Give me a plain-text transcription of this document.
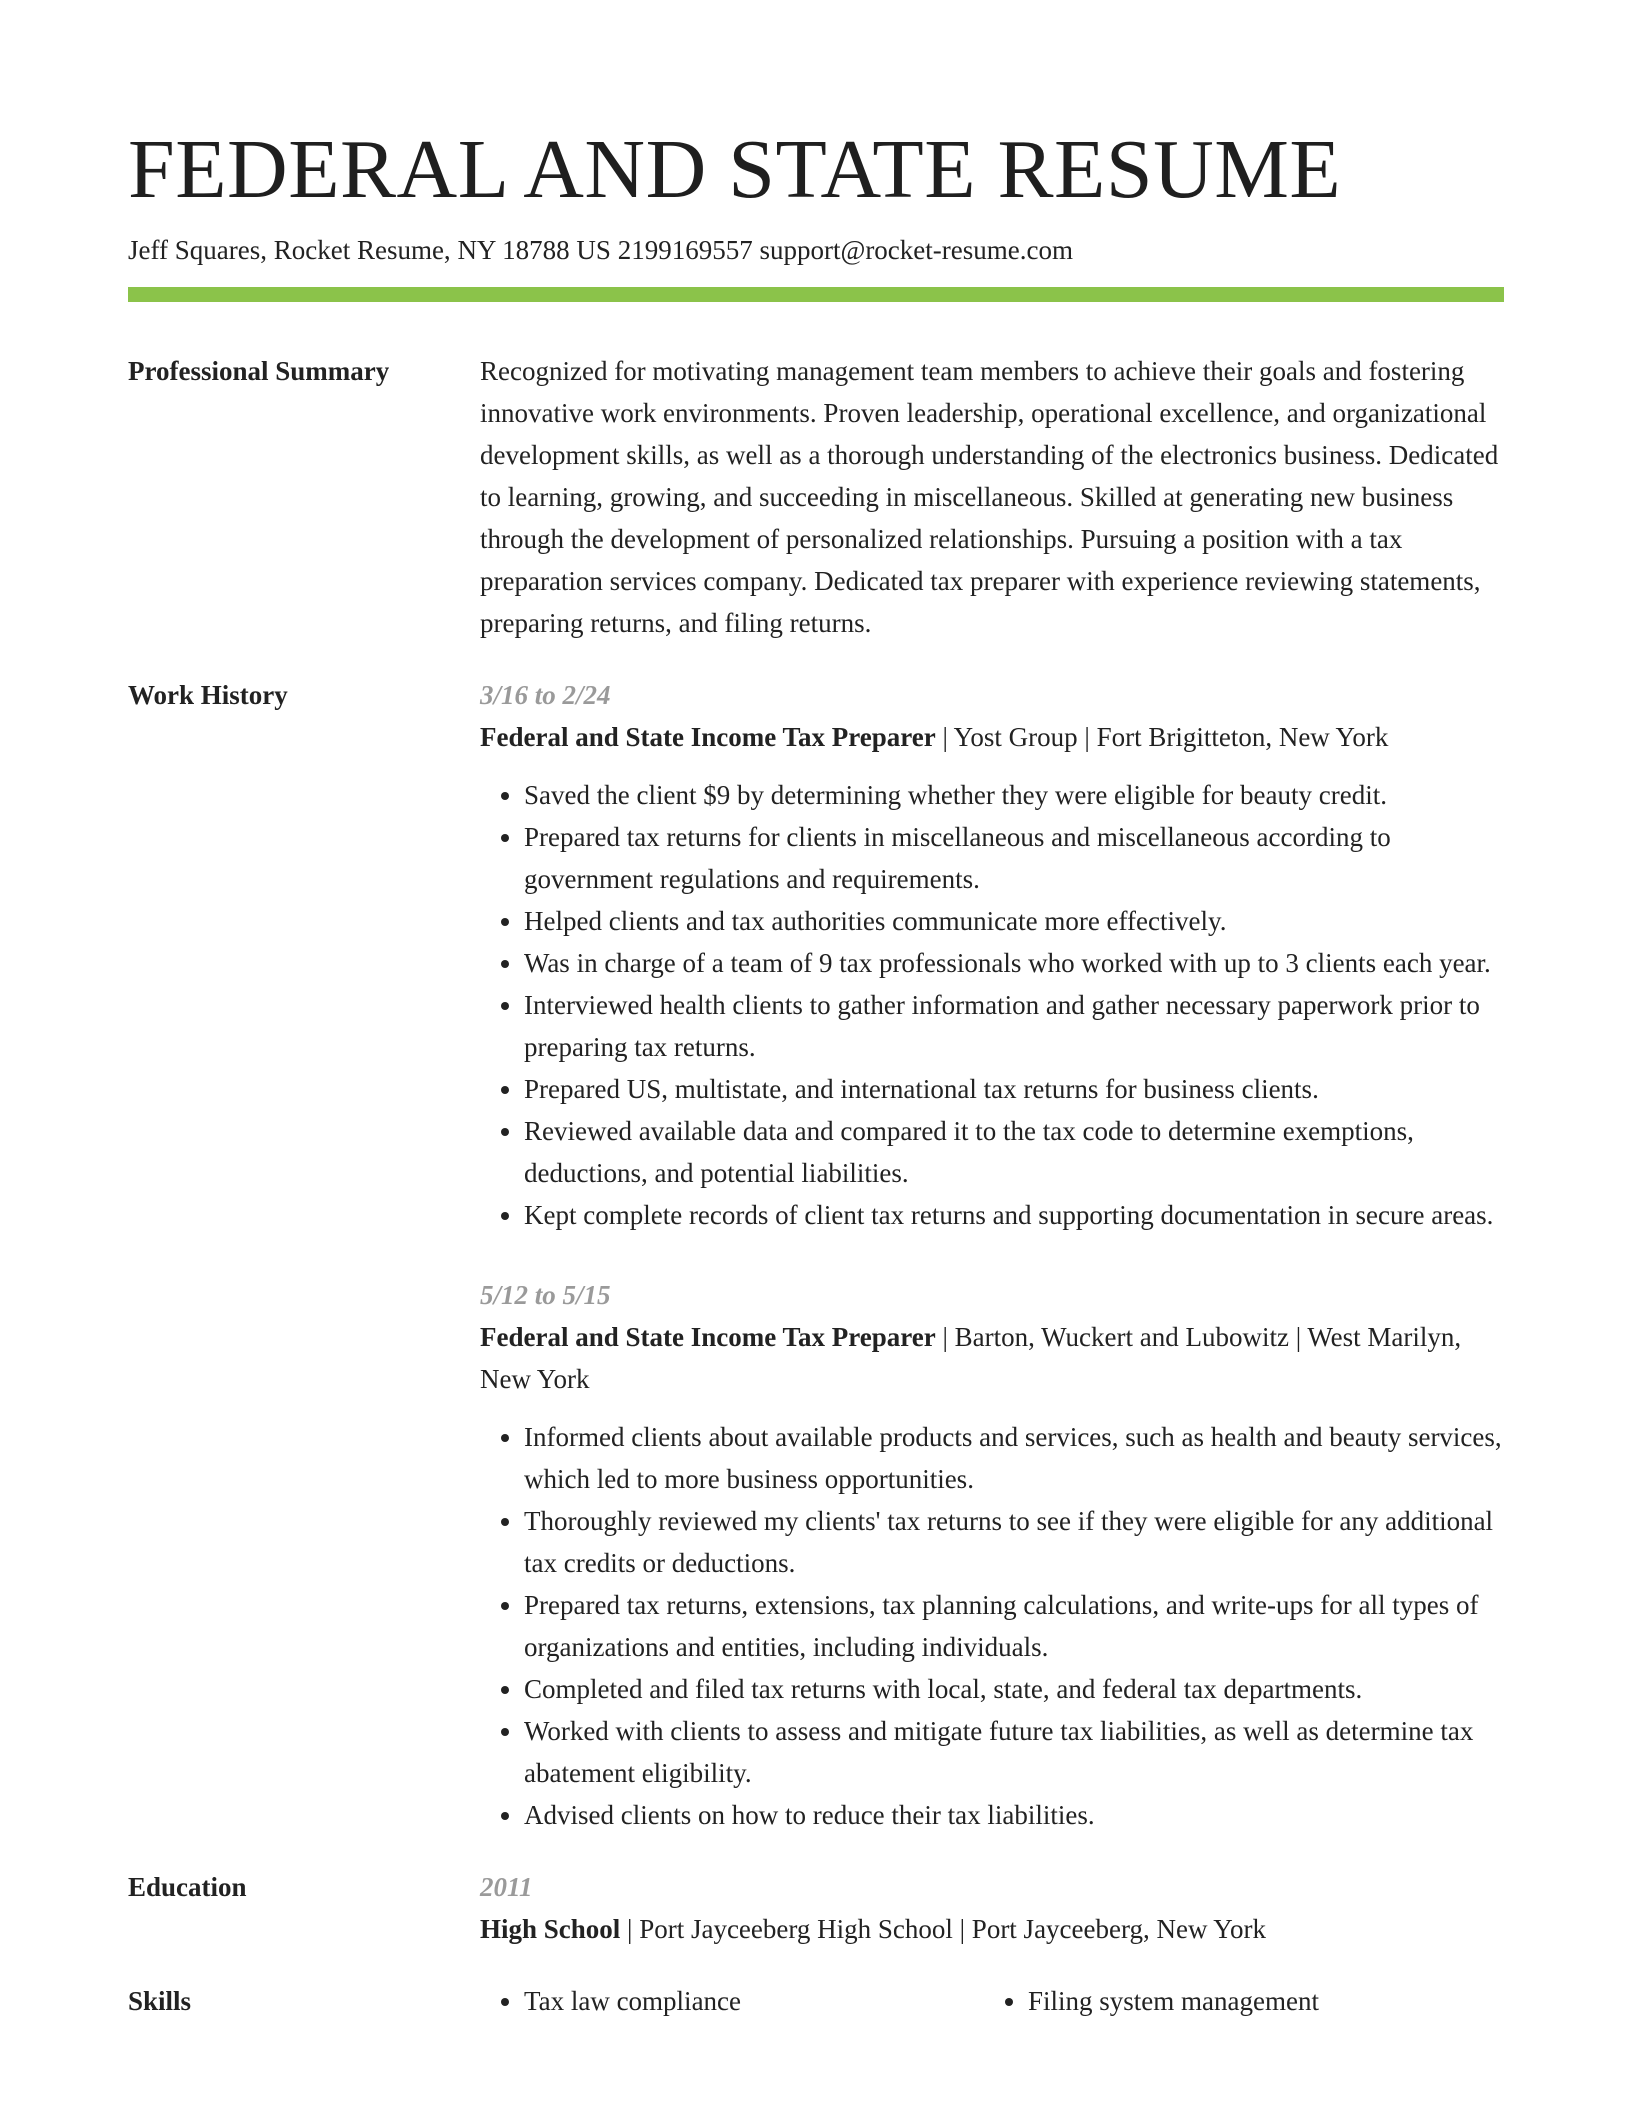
FEDERAL AND STATE RESUME
Jeff Squares, Rocket Resume, NY 18788 US 2199169557 support@rocket-resume.com
Professional Summary	Recognized for motivating management team members to achieve their goals and fostering innovative work environments. Proven leadership, operational excellence, and organizational development skills, as well as a thorough understanding of the electronics business. Dedicated to learning, growing, and succeeding in miscellaneous. Skilled at generating new business through the development of personalized relationships. Pursuing a position with a tax preparation services company. Dedicated tax preparer with experience reviewing statements, preparing returns, and filing returns.
Work History	3/16 to 2/24
Federal and State Income Tax Preparer | Yost Group | Fort Brigitteton, New York
• Saved the client $9 by determining whether they were eligible for beauty credit.
• Prepared tax returns for clients in miscellaneous and miscellaneous according to government regulations and requirements.
• Helped clients and tax authorities communicate more effectively.
• Was in charge of a team of 9 tax professionals who worked with up to 3 clients each year.
• Interviewed health clients to gather information and gather necessary paperwork prior to preparing tax returns.
• Prepared US, multistate, and international tax returns for business clients.
• Reviewed available data and compared it to the tax code to determine exemptions, deductions, and potential liabilities.
• Kept complete records of client tax returns and supporting documentation in secure areas.
5/12 to 5/15
Federal and State Income Tax Preparer | Barton, Wuckert and Lubowitz | West Marilyn, New York
• Informed clients about available products and services, such as health and beauty services, which led to more business opportunities.
• Thoroughly reviewed my clients' tax returns to see if they were eligible for any additional tax credits or deductions.
• Prepared tax returns, extensions, tax planning calculations, and write-ups for all types of organizations and entities, including individuals.
• Completed and filed tax returns with local, state, and federal tax departments.
• Worked with clients to assess and mitigate future tax liabilities, as well as determine tax abatement eligibility.
• Advised clients on how to reduce their tax liabilities.
Education	2011
High School | Port Jayceeberg High School | Port Jayceeberg, New York
Skills	• Tax law compliance	• Filing system management
